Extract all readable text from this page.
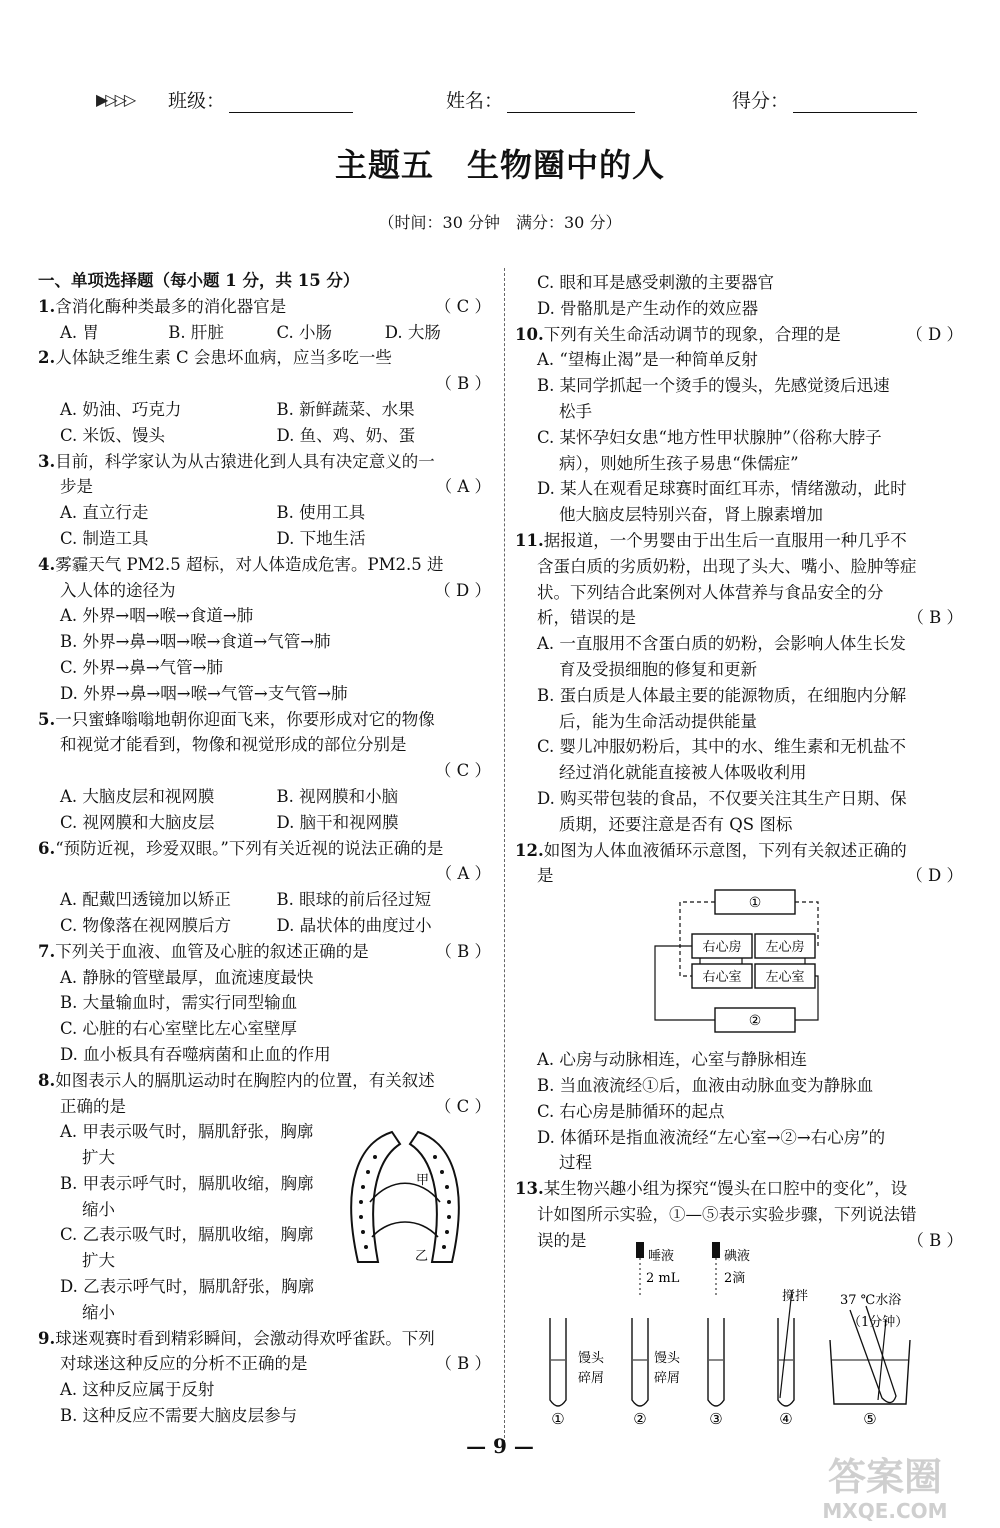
▶▷▷▷ 班级：	姓名：	得分：
主题五　生物圈中的人
（时间：30 分钟　满分：30 分）
一、单项选择题（每小题 1 分，共 15 分）
1.含消化酶种类最多的消化器官是	（ C ）
A. 胃	B. 肝脏	C. 小肠	D. 大肠
2.人体缺乏维生素 C 会患坏血病，应当多吃一些
（ B ）
A. 奶油、巧克力	B. 新鲜蔬菜、水果
C. 米饭、馒头	D. 鱼、鸡、奶、蛋
3.目前，科学家认为从古猿进化到人具有决定意义的一
步是	（ A ）
A. 直立行走	B. 使用工具
C. 制造工具	D. 下地生活
4.雾霾天气 PM2.5 超标，对人体造成危害。PM2.5 进
入人体的途径为	（ D ）
A. 外界→咽→喉→食道→肺
B. 外界→鼻→咽→喉→食道→气管→肺
C. 外界→鼻→气管→肺
D. 外界→鼻→咽→喉→气管→支气管→肺
5.一只蜜蜂嗡嗡地朝你迎面飞来，你要形成对它的物像
和视觉才能看到，物像和视觉形成的部位分别是
（ C ）
A. 大脑皮层和视网膜	B. 视网膜和小脑
C. 视网膜和大脑皮层	D. 脑干和视网膜
6.“预防近视，珍爱双眼。”下列有关近视的说法正确的是
（ A ）
A. 配戴凹透镜加以矫正	B. 眼球的前后径过短
C. 物像落在视网膜后方	D. 晶状体的曲度过小
7.下列关于血液、血管及心脏的叙述正确的是	（ B ）
A. 静脉的管壁最厚，血流速度最快
B. 大量输血时，需实行同型输血
C. 心脏的右心室壁比左心室壁厚
D. 血小板具有吞噬病菌和止血的作用
8.如图表示人的膈肌运动时在胸腔内的位置，有关叙述
正确的是	（ C ）
A. 甲表示吸气时，膈肌舒张，胸廓
扩大
B. 甲表示呼气时，膈肌收缩，胸廓
缩小
C. 乙表示吸气时，膈肌收缩，胸廓
扩大
D. 乙表示呼气时，膈肌舒张，胸廓
缩小
9.球迷观赛时看到精彩瞬间，会激动得欢呼雀跃。下列
对球迷这种反应的分析不正确的是	（ B ）
A. 这种反应属于反射
B. 这种反应不需要大脑皮层参与
甲
乙
C. 眼和耳是感受刺激的主要器官
D. 骨骼肌是产生动作的效应器
10.下列有关生命活动调节的现象，合理的是	（ D ）
A. “望梅止渴”是一种简单反射
B. 某同学抓起一个烫手的馒头，先感觉烫后迅速
松手
C. 某怀孕妇女患“地方性甲状腺肿”（俗称大脖子
病），则她所生孩子易患“侏儒症”
D. 某人在观看足球赛时面红耳赤，情绪激动，此时
他大脑皮层特别兴奋，肾上腺素增加
11.据报道，一个男婴由于出生后一直服用一种几乎不
含蛋白质的劣质奶粉，出现了头大、嘴小、脸肿等症
状。下列结合此案例对人体营养与食品安全的分
析，错误的是	（ B ）
A. 一直服用不含蛋白质的奶粉，会影响人体生长发
育及受损细胞的修复和更新
B. 蛋白质是人体最主要的能源物质，在细胞内分解
后，能为生命活动提供能量
C. 婴儿冲服奶粉后，其中的水、维生素和无机盐不
经过消化就能直接被人体吸收利用
D. 购买带包装的食品，不仅要关注其生产日期、保
质期，还要注意是否有 QS 图标
12.如图为人体血液循环示意图，下列有关叙述正确的
是	（ D ）
A. 心房与动脉相连，心室与静脉相连
B. 当血液流经①后，血液由动脉血变为静脉血
C. 右心房是肺循环的起点
D. 体循环是指血液流经“左心室→②→右心房”的
过程
13.某生物兴趣小组为探究“馒头在口腔中的变化”，设
计如图所示实验，①—⑤表示实验步骤，下列说法错
误的是	（ B ）
①
右心房 左心房
右心室 左心室
②
馒头
碎屑
①
唾液
2 mL
馒头
碎屑
②
碘液
2滴
③
搅拌
④
37 ℃水浴
（1分钟）
⑤
— 9 —
答案圈
MXQE.COM
